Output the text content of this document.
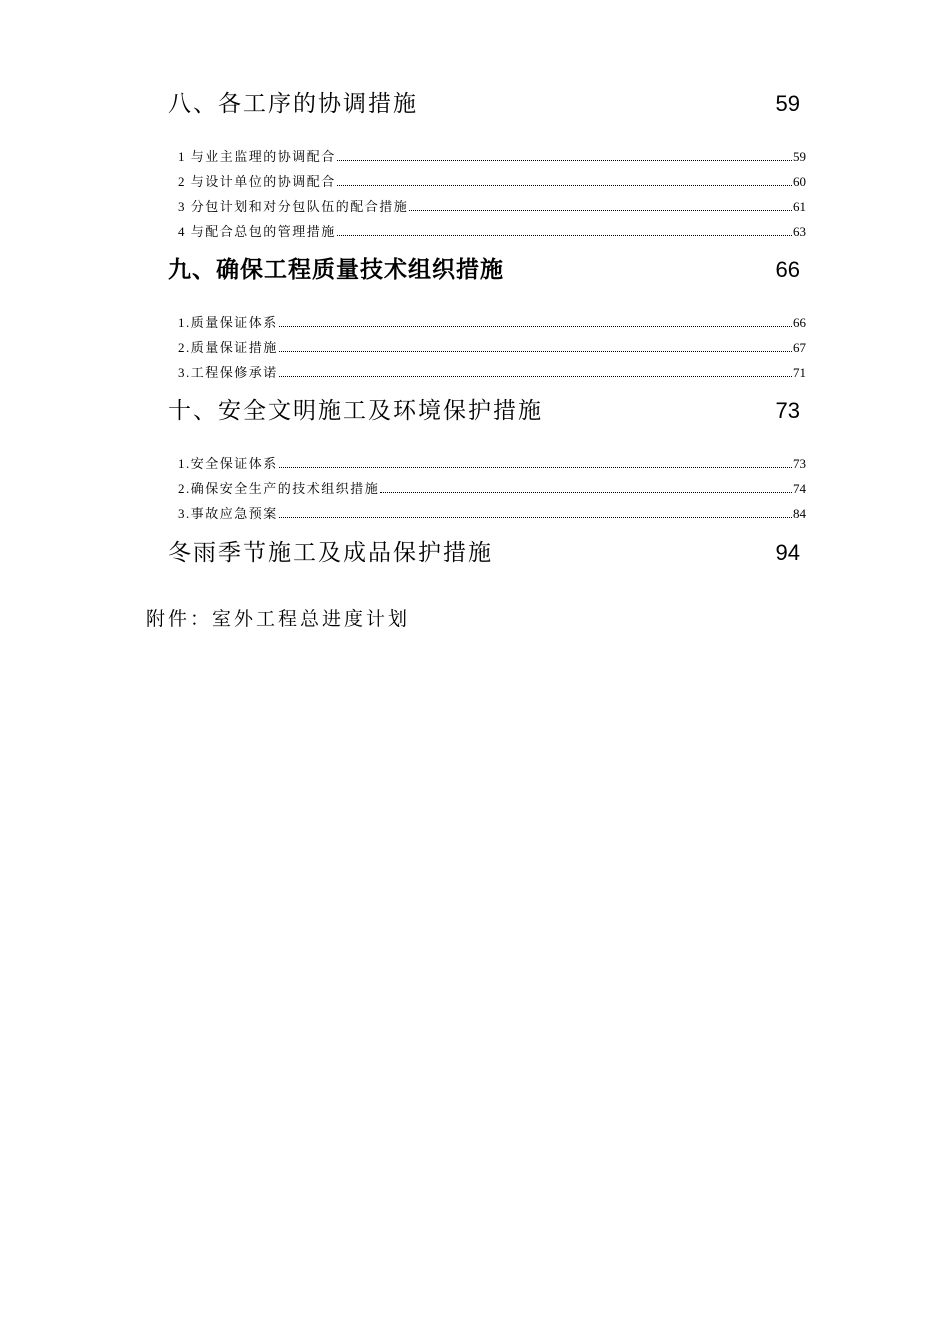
八、各工序的协调措施	59
1 与业主监理的协调配合	59
2 与设计单位的协调配合	60
3 分包计划和对分包队伍的配合措施	61
4 与配合总包的管理措施	63
九、确保工程质量技术组织措施	66
1.质量保证体系	66
2.质量保证措施	67
3.工程保修承诺	71
十、安全文明施工及环境保护措施	73
1.安全保证体系	73
2.确保安全生产的技术组织措施	74
3.事故应急预案	84
冬雨季节施工及成品保护措施	94
附件：室外工程总进度计划
